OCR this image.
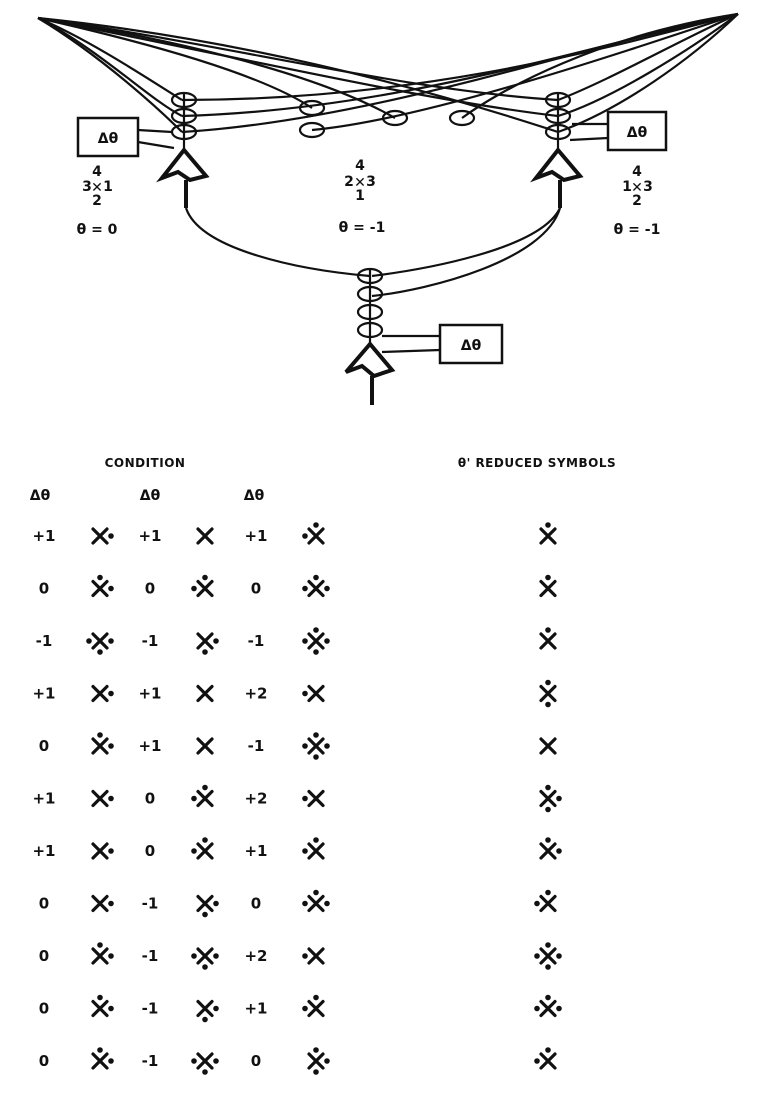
Δθ
4
3 ✕ 1
2
θ = 0
Δθ
4
1 ✕ 3
2
θ = -1
4
2 ✕ 3
1
θ = -1
Δθ
CONDITION	θ' REDUCED SYMBOLS
Δθ	Δθ	Δθ
+1	+1	+1
0	0	0
-1	-1	-1
+1	+1	+2
0	+1	-1
+1	0	+2
+1	0	+1
0	-1	0
0	-1	+2
0	-1	+1
0	-1	0
